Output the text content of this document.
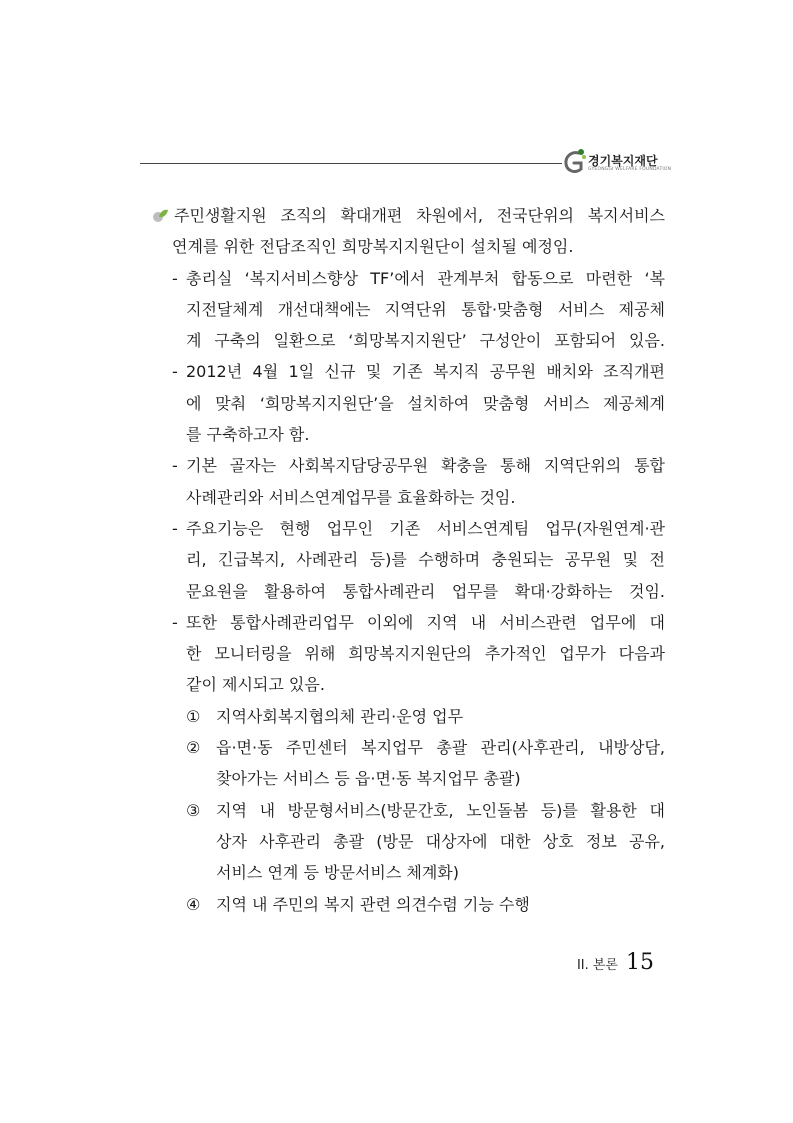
경기복지재단
GYEONGGI WELFARE FOUNDATION
주민생활지원 조직의 확대개편 차원에서, 전국단위의 복지서비스
연계를 위한 전담조직인 희망복지지원단이 설치될 예정임.
- 총리실 ‘복지서비스향상 TF’에서 관계부처 합동으로 마련한 ‘복
지전달체계 개선대책에는 지역단위 통합·맞춤형 서비스 제공체
계 구축의 일환으로 ‘희망복지지원단’ 구성안이 포함되어 있음.
- 2012년 4월 1일 신규 및 기존 복지직 공무원 배치와 조직개편
에 맞춰 ‘희망복지지원단’을 설치하여 맞춤형 서비스 제공체계
를 구축하고자 함.
- 기본 골자는 사회복지담당공무원 확충을 통해 지역단위의 통합
사례관리와 서비스연계업무를 효율화하는 것임.
- 주요기능은 현행 업무인 기존 서비스연계팀 업무(자원연계·관
리, 긴급복지, 사례관리 등)를 수행하며 충원되는 공무원 및 전
문요원을 활용하여 통합사례관리 업무를 확대·강화하는 것임.
- 또한 통합사례관리업무 이외에 지역 내 서비스관련 업무에 대
한 모니터링을 위해 희망복지지원단의 추가적인 업무가 다음과
같이 제시되고 있음.
① 지역사회복지협의체 관리·운영 업무
② 읍·면·동 주민센터 복지업무 총괄 관리(사후관리, 내방상담,
찾아가는 서비스 등 읍·면·동 복지업무 총괄)
③ 지역 내 방문형서비스(방문간호, 노인돌봄 등)를 활용한 대
상자 사후관리 총괄 (방문 대상자에 대한 상호 정보 공유,
서비스 연계 등 방문서비스 체계화)
④ 지역 내 주민의 복지 관련 의견수렴 기능 수행
II. 본론 15
